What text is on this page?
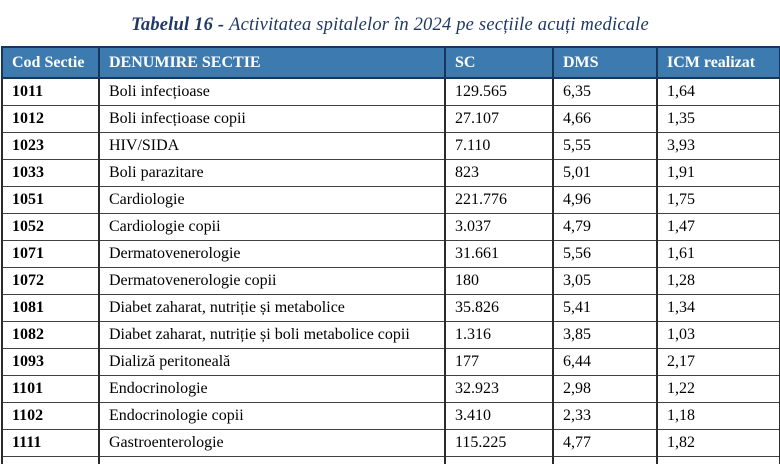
Tabelul 16 - Activitatea spitalelor în 2024 pe secțiile acuți medicale
Cod Sectie	DENUMIRE SECTIE	SC	DMS	ICM realizat
1011	Boli infecțioase	129.565	6,35	1,64
1012	Boli infecțioase copii	27.107	4,66	1,35
1023	HIV/SIDA	7.110	5,55	3,93
1033	Boli parazitare	823	5,01	1,91
1051	Cardiologie	221.776	4,96	1,75
1052	Cardiologie copii	3.037	4,79	1,47
1071	Dermatovenerologie	31.661	5,56	1,61
1072	Dermatovenerologie copii	180	3,05	1,28
1081	Diabet zaharat, nutriție și metabolice	35.826	5,41	1,34
1082	Diabet zaharat, nutriție și boli metabolice copii	1.316	3,85	1,03
1093	Dializă peritoneală	177	6,44	2,17
1101	Endocrinologie	32.923	2,98	1,22
1102	Endocrinologie copii	3.410	2,33	1,18
1111	Gastroenterologie	115.225	4,77	1,82
